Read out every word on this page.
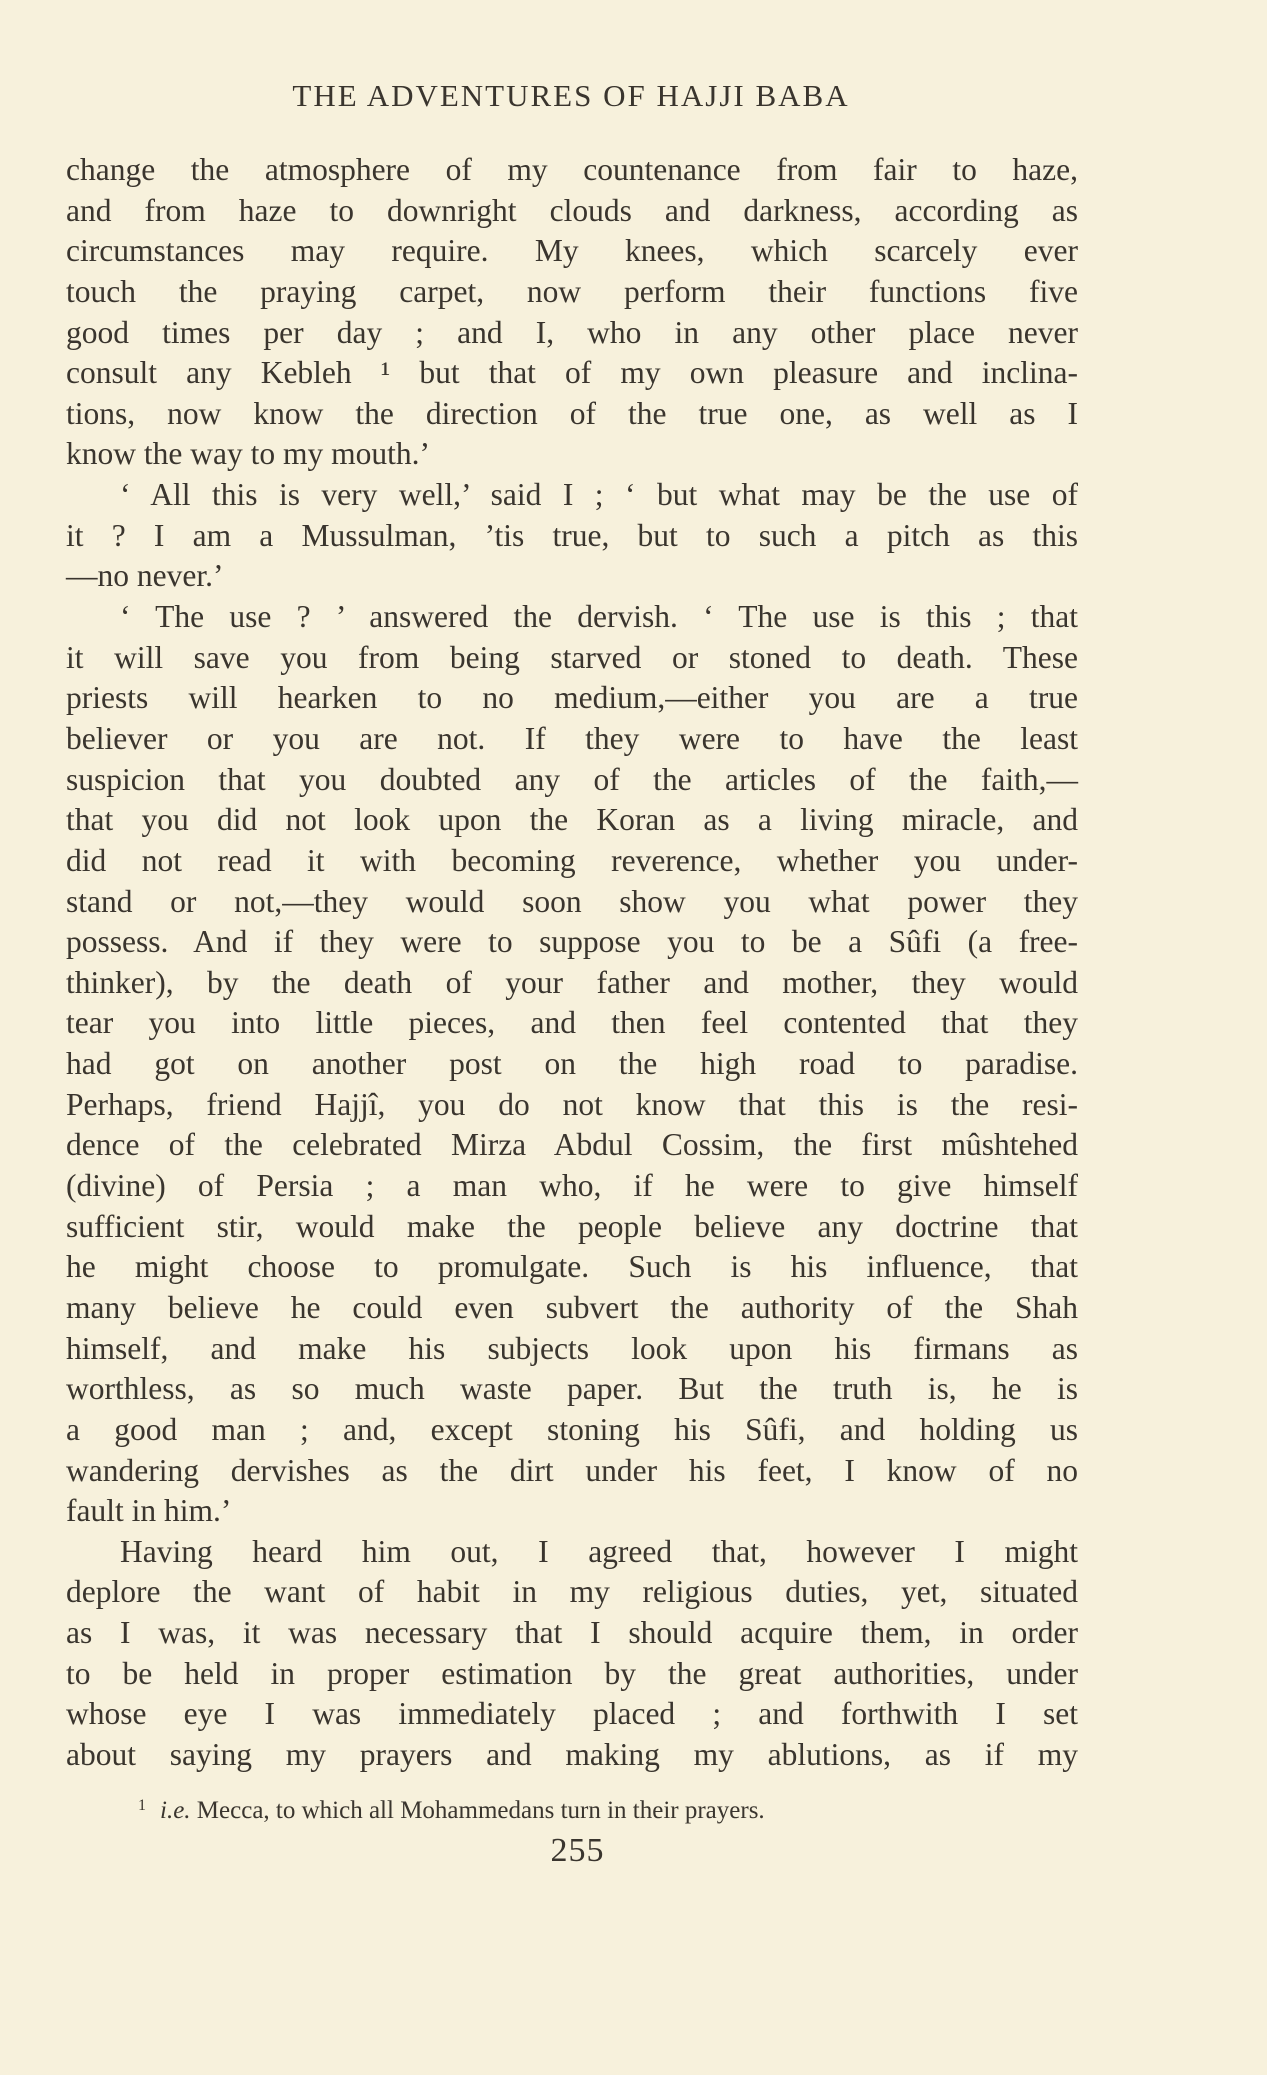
THE ADVENTURES OF HAJJI BABA
change the atmosphere of my countenance from fair to haze,
and from haze to downright clouds and darkness, according as
circumstances may require. My knees, which scarcely ever
touch the praying carpet, now perform their functions five
good times per day ; and I, who in any other place never
consult any Kebleh ¹ but that of my own pleasure and inclina-
tions, now know the direction of the true one, as well as I
know the way to my mouth.’
‘ All this is very well,’ said I ; ‘ but what may be the use of
it ? I am a Mussulman, ’tis true, but to such a pitch as this
—no never.’
‘ The use ? ’ answered the dervish. ‘ The use is this ; that
it will save you from being starved or stoned to death. These
priests will hearken to no medium,—either you are a true
believer or you are not. If they were to have the least
suspicion that you doubted any of the articles of the faith,—
that you did not look upon the Koran as a living miracle, and
did not read it with becoming reverence, whether you under-
stand or not,—they would soon show you what power they
possess. And if they were to suppose you to be a Sûfi (a free-
thinker), by the death of your father and mother, they would
tear you into little pieces, and then feel contented that they
had got on another post on the high road to paradise.
Perhaps, friend Hajjî, you do not know that this is the resi-
dence of the celebrated Mirza Abdul Cossim, the first mûshtehed
(divine) of Persia ; a man who, if he were to give himself
sufficient stir, would make the people believe any doctrine that
he might choose to promulgate. Such is his influence, that
many believe he could even subvert the authority of the Shah
himself, and make his subjects look upon his firmans as
worthless, as so much waste paper. But the truth is, he is
a good man ; and, except stoning his Sûfi, and holding us
wandering dervishes as the dirt under his feet, I know of no
fault in him.’
Having heard him out, I agreed that, however I might
deplore the want of habit in my religious duties, yet, situated
as I was, it was necessary that I should acquire them, in order
to be held in proper estimation by the great authorities, under
whose eye I was immediately placed ; and forthwith I set
about saying my prayers and making my ablutions, as if my
$^1$ i.e. Mecca, to which all Mohammedans turn in their prayers.
255
